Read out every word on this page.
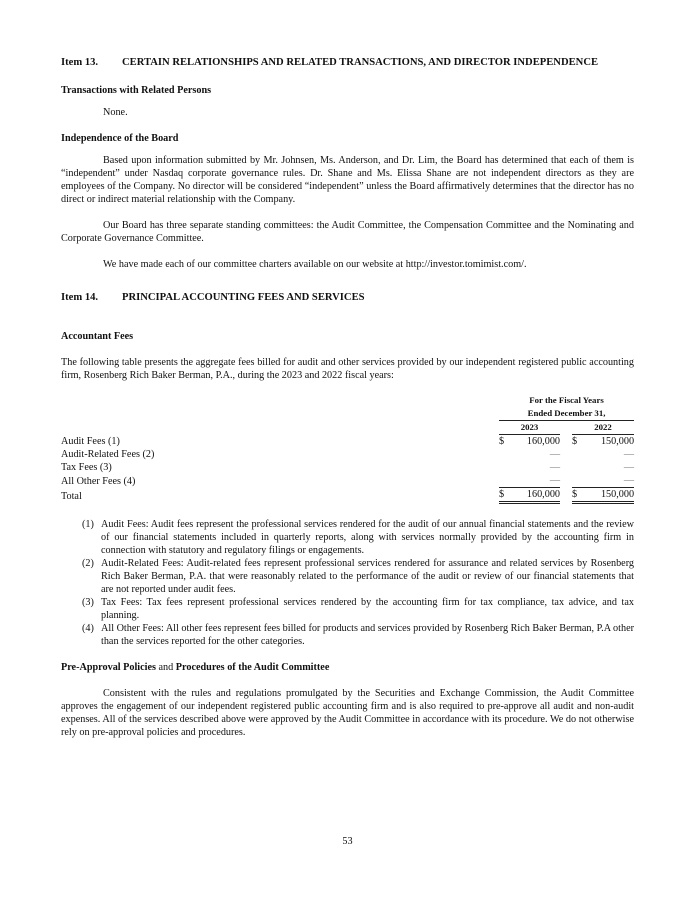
Item 13.	CERTAIN RELATIONSHIPS AND RELATED TRANSACTIONS, AND DIRECTOR INDEPENDENCE
Transactions with Related Persons

None.

Independence of the Board

Based upon information submitted by Mr. Johnsen, Ms. Anderson, and Dr. Lim, the Board has determined that each of them is “independent” under Nasdaq corporate governance rules. Dr. Shane and Ms. Elissa Shane are not independent directors as they are employees of the Company. No director will be considered “independent” unless the Board affirmatively determines that the director has no direct or indirect material relationship with the Company.

Our Board has three separate standing committees: the Audit Committee, the Compensation Committee and the Nominating and Corporate Governance Committee.

We have made each of our committee charters available on our website at http://investor.tomimist.com/.

Item 14.	PRINCIPAL ACCOUNTING FEES AND SERVICES
Accountant Fees

The following table presents the aggregate fees billed for audit and other services provided by our independent registered public accounting firm, Rosenberg Rich Baker Berman, P.A., during the 2023 and 2022 fiscal years:

	For the Fiscal Years				
	Ended December 31,				
	2023			2022	
Audit Fees (1)	$	160,000		$	150,000
Audit-Related Fees (2)		—			—
Tax Fees (3)		—			—
All Other Fees (4)		—			—
Total	$	160,000		$	150,000
(1) Audit Fees: Audit fees represent the professional services rendered for the audit of our annual financial statements and the review of our financial statements included in quarterly reports, along with services normally provided by the accounting firm in connection with statutory and regulatory filings or engagements.
(2) Audit-Related Fees: Audit-related fees represent professional services rendered for assurance and related services by Rosenberg Rich Baker Berman, P.A. that were reasonably related to the performance of the audit or review of our financial statements that are not reported under audit fees.
(3) Tax Fees: Tax fees represent professional services rendered by the accounting firm for tax compliance, tax advice, and tax planning.
(4) All Other Fees: All other fees represent fees billed for products and services provided by Rosenberg Rich Baker Berman, P.A other than the services reported for the other categories.
Pre-Approval Policies and Procedures of the Audit Committee

Consistent with the rules and regulations promulgated by the Securities and Exchange Commission, the Audit Committee approves the engagement of our independent registered public accounting firm and is also required to pre-approve all audit and non-audit expenses. All of the services described above were approved by the Audit Committee in accordance with its procedure. We do not otherwise rely on pre-approval policies and procedures.

53
